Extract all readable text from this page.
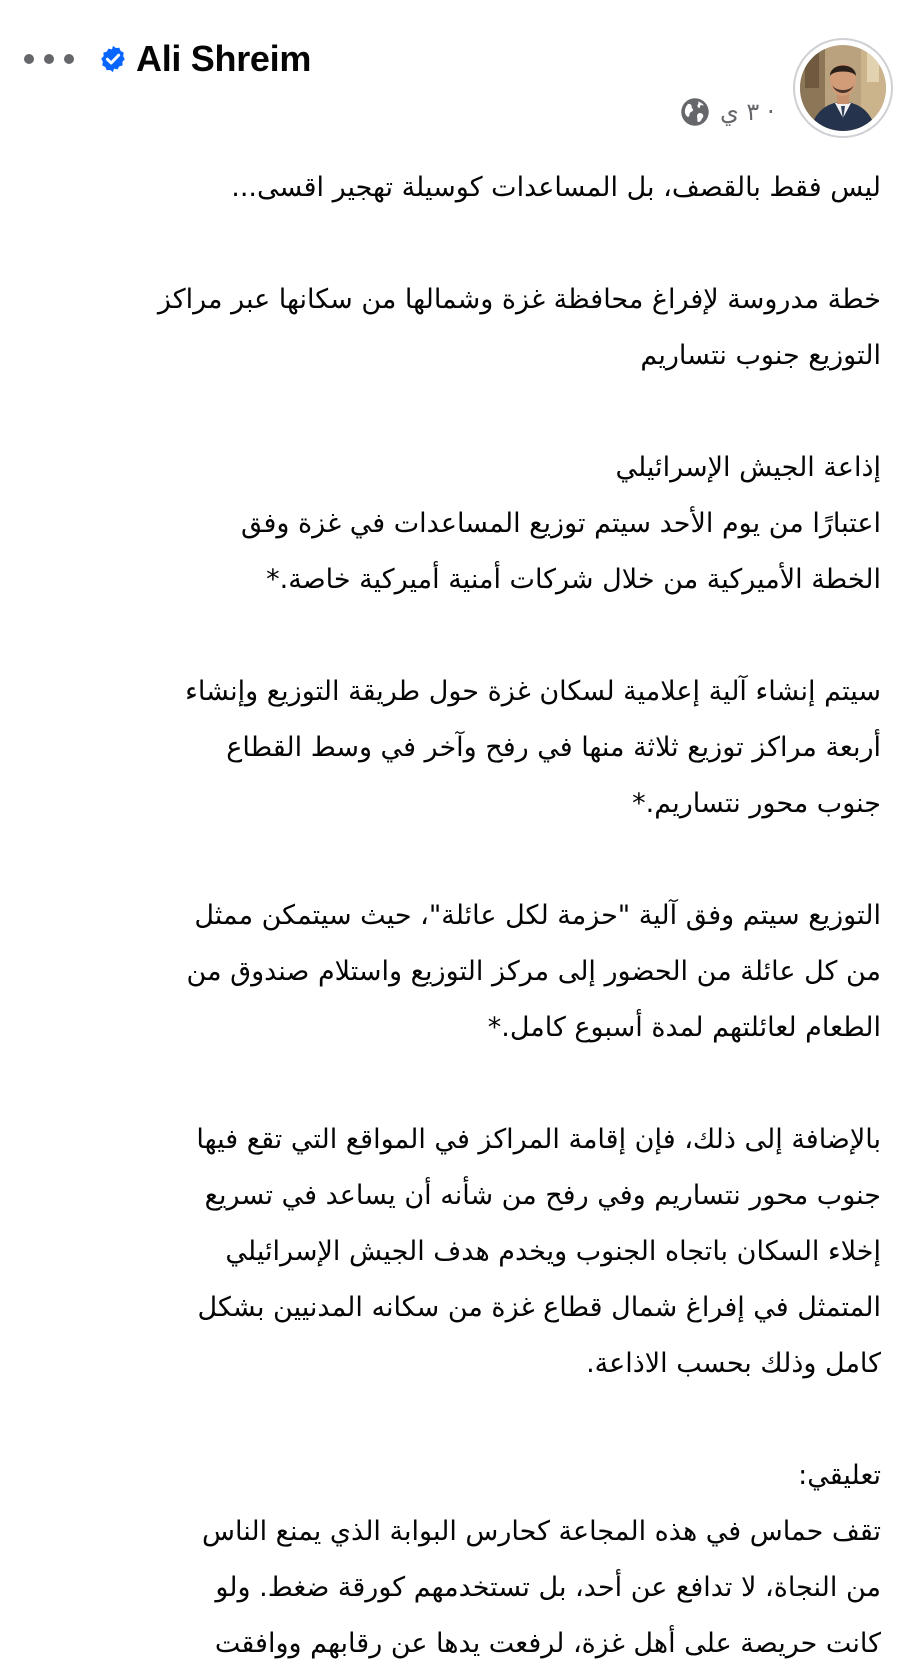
Ali Shreim
٣ ي ·
ليس فقط بالقصف، بل المساعدات كوسيلة تهجير اقسى...
خطة مدروسة لإفراغ محافظة غزة وشمالها من سكانها عبر مراكز
التوزيع جنوب نتساريم
إذاعة الجيش الإسرائيلي
اعتبارًا من يوم الأحد سيتم توزيع المساعدات في غزة وفق
الخطة الأميركية من خلال شركات أمنية أميركية خاصة.*
سيتم إنشاء آلية إعلامية لسكان غزة حول طريقة التوزيع وإنشاء
أربعة مراكز توزيع ثلاثة منها في رفح وآخر في وسط القطاع
جنوب محور نتساريم.*
التوزيع سيتم وفق آلية "حزمة لكل عائلة"، حيث سيتمكن ممثل
من كل عائلة من الحضور إلى مركز التوزيع واستلام صندوق من
الطعام لعائلتهم لمدة أسبوع كامل.*
بالإضافة إلى ذلك، فإن إقامة المراكز في المواقع التي تقع فيها
جنوب محور نتساريم وفي رفح من شأنه أن يساعد في تسريع
إخلاء السكان باتجاه الجنوب ويخدم هدف الجيش الإسرائيلي
المتمثل في إفراغ شمال قطاع غزة من سكانه المدنيين بشكل
كامل وذلك بحسب الاذاعة.
تعليقي:
تقف حماس في هذه المجاعة كحارس البوابة الذي يمنع الناس
من النجاة، لا تدافع عن أحد، بل تستخدمهم كورقة ضغط. ولو
كانت حريصة على أهل غزة، لرفعت يدها عن رقابهم ووافقت
